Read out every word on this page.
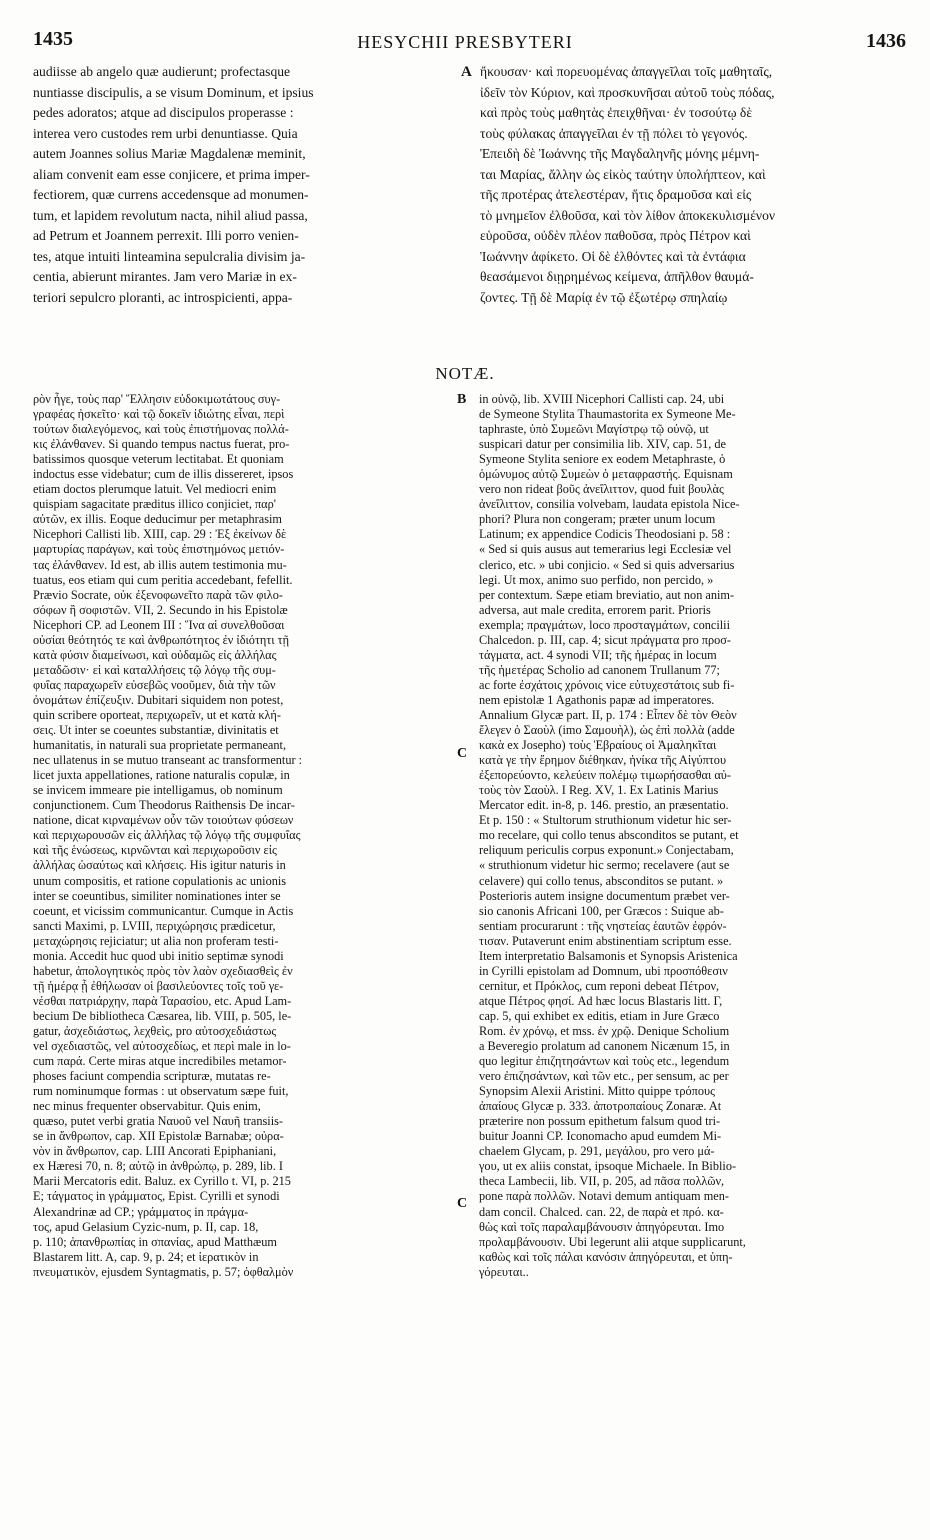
1435	HESYCHII PRESBYTERI	1436
audiisse ab angelo quæ audierunt; profectasque
nuntiasse discipulis, a se visum Dominum, et ipsius
pedes adoratos; atque ad discipulos properasse :
interea vero custodes rem urbi denuntiasse. Quia
autem Joannes solius Mariæ Magdalenæ meminit,
aliam convenit eam esse conjicere, et prima imper-
fectiorem, quæ currens accedensque ad monumen-
tum, et lapidem revolutum nacta, nihil aliud passa,
ad Petrum et Joannem perrexit. Illi porro venien-
tes, atque intuiti linteamina sepulcralia divisim ja-
centia, abierunt mirantes. Jam vero Mariæ in ex-
teriori sepulcro ploranti, ac introspicienti, appa-
A ἤκουσαν· καὶ πορευομένας ἀπαγγεῖλαι τοῖς μαθηταῖς,
ἰδεῖν τὸν Κύριον, καὶ προσκυνῆσαι αὐτοῦ τοὺς πόδας,
καὶ πρὸς τοὺς μαθητὰς ἐπειχθῆναι· ἐν τοσούτῳ δὲ
τοὺς φύλακας ἀπαγγεῖλαι ἐν τῇ πόλει τὸ γεγονός.
Ἐπειδὴ δὲ Ἰωάννης τῆς Μαγδαληνῆς μόνης μέμνη-
ται Μαρίας, ἄλλην ὡς εἰκὸς ταύτην ὑπολήπτεον, καὶ
τῆς προτέρας ἀτελεστέραν, ἥτις δραμοῦσα καὶ εἰς
τὸ μνημεῖον ἐλθοῦσα, καὶ τὸν λίθον ἀποκεκυλισμένον
εὑροῦσα, οὐδὲν πλέον παθοῦσα, πρὸς Πέτρον καὶ
Ἰωάννην ἀφίκετο. Οἱ δὲ ἐλθόντες καὶ τὰ ἐντάφια
θεασάμενοι διῃρημένως κείμενα, ἀπῆλθον θαυμά-
ζοντες. Τῇ δὲ Μαρίᾳ ἐν τῷ ἐξωτέρῳ σπηλαίῳ
NOTÆ.
ρὸν ἦγε, τοὺς παρ' Ἕλλησιν εὐδοκιμωτάτους συγ-
γραφέας ἠσκεῖτο· καὶ τῷ δοκεῖν ἰδιώτης εἶναι, περὶ
τούτων διαλεγόμενος, καὶ τοὺς ἐπιστήμονας πολλά-
κις ἐλάνθανεν. Si quando tempus nactus fuerat, pro-
batissimos quosque veterum lectitabat. Et quoniam
indoctus esse videbatur; cum de illis dissereret, ipsos
etiam doctos plerumque latuit. Vel mediocri enim
quispiam sagacitate præditus illico conjiciet, παρ'
αὐτῶν, ex illis. Eoque deducimur per metaphrasim
Nicephori Callisti lib. XIII, cap. 29 : Ἐξ ἐκείνων δὲ
μαρτυρίας παράγων, καὶ τοὺς ἐπιστημόνως μετιόν-
τας ἐλάνθανεν. Id est, ab illis autem testimonia mu-
tuatus, eos etiam qui cum peritia accedebant, fefellit.
Prævio Socrate, οὐκ ἐξενοφωνεῖτο παρὰ τῶν φιλο-
σόφων ἢ σοφιστῶν. VII, 2. Secundo in his Epistolæ
Nicephori CP. ad Leonem III : Ἵνα αἱ συνελθοῦσαι
οὐσίαι θεότητός τε καὶ ἀνθρωπότητος ἐν ἰδιότητι τῇ
κατὰ φύσιν διαμείνωσι, καὶ οὐδαμῶς εἰς ἀλλήλας
μεταδῶσιν· εἰ καὶ καταλλήσεις τῷ λόγῳ τῆς συμ-
φυΐας παραχωρεῖν εὐσεβῶς νοοῦμεν, διὰ τὴν τῶν
ὀνομάτων ἐπίζευξιν. Dubitari siquidem non potest,
quin scribere oporteat, περιχωρεῖν, ut et κατὰ κλή-
σεις. Ut inter se coeuntes substantiæ, divinitatis et
humanitatis, in naturali sua proprietate permaneant,
nec ullatenus in se mutuo transeant ac transformentur :
licet juxta appellationes, ratione naturalis copulæ, in
se invicem immeare pie intelligamus, ob nominum
conjunctionem. Cum Theodorus Raithensis De incar-
natione, dicat κιρναμένων οὖν τῶν τοιούτων φύσεων
καὶ περιχωρουσῶν εἰς ἀλλήλας τῷ λόγῳ τῆς συμφυΐας
καὶ τῆς ἑνώσεως, κιρνῶνται καὶ περιχωροῦσιν εἰς
ἀλλήλας ὡσαύτως καὶ κλήσεις. His igitur naturis in
unum compositis, et ratione copulationis ac unionis
inter se coeuntibus, similiter nominationes inter se
coeunt, et vicissim communicantur. Cumque in Actis
sancti Maximi, p. LVIII, περιχώρησις prædicetur,
μεταχώρησις rejiciatur; ut alia non proferam testi-
monia. Accedit huc quod ubi initio septimæ synodi
habetur, ἀπολογητικὸς πρὸς τὸν λαὸν σχεδιασθεὶς ἐν
τῇ ἡμέρᾳ ᾗ ἐθήλωσαν οἱ βασιλεύοντες τοῖς τοῦ γε-
νέσθαι πατριάρχην, παρὰ Ταρασίου, etc. Apud Lam-
becium De bibliotheca Cæsarea, lib. VIII, p. 505, le-
gatur, ἀσχεδιάστως, λεχθεὶς, pro αὐτοσχεδιάστως
vel σχεδιαστῶς, vel αὐτοσχεδίως, et περὶ male in lo-
cum παρά. Certe miras atque incredibiles metamor-
phoses faciunt compendia scripturæ, mutatas re-
rum nominumque formas : ut observatum sæpe fuit,
nec minus frequenter observabitur. Quis enim,
quæso, putet verbi gratia Ναυοῦ vel Ναυῆ transiis-
se in ἄνθρωπον, cap. XII Epistolæ Barnabæ; οὐρα-
νὸν in ἄνθρωπον, cap. LIII Ancorati Epiphaniani,
ex Hæresi 70, n. 8; αὐτῷ in ἀνθρώπῳ, p. 289, lib. I
Marii Mercatoris edit. Baluz. ex Cyrillo t. VI, p. 215
E; τάγματος in γράμματος, Epist. Cyrilli et synodi
Alexandrinæ ad CP.; γράμματος in πράγμα-
τος, apud Gelasium Cyzic-num, p. II, cap. 18,
p. 110; ἀπανθρωπίας in σπανίας, apud Matthæum
Blastarem litt. A, cap. 9, p. 24; et ἱερατικὸν in
πνευματικὸν, ejusdem Syntagmatis, p. 57; ὀφθαλμὸν
B
C
C
in οὐνῷ, lib. XVIII Nicephori Callisti cap. 24, ubi
de Symeone Stylita Thaumastorita ex Symeone Me-
taphraste, ὑπὸ Συμεῶνι Μαγίστρῳ τῷ οὐνῷ, ut
suspicari datur per consimilia lib. XIV, cap. 51, de
Symeone Stylita seniore ex eodem Metaphraste, ὁ
ὁμώνυμος αὐτῷ Συμεὼν ὁ μεταφραστής. Equisnam
vero non rideat βοῦς ἀνεΐλιττον, quod fuit βουλὰς
ἀνεΐλιττον, consilia volvebam, laudata epistola Nice-
phori? Plura non congeram; præter unum locum
Latinum; ex appendice Codicis Theodosiani p. 58 :
« Sed si quis ausus aut temerarius legi Ecclesiæ vel
clerico, etc. » ubi conjicio. « Sed si quis adversarius
legi. Ut mox, animo suo perfido, non percido, »
per contextum. Sæpe etiam breviatio, aut non anim-
adversa, aut male credita, errorem parit. Prioris
exempla; πραγμάτων, loco προσταγμάτων, concilii
Chalcedon. p. III, cap. 4; sicut πράγματα pro προσ-
τάγματα, act. 4 synodi VII; τῆς ἡμέρας in locum
τῆς ἡμετέρας Scholio ad canonem Trullanum 77;
ac forte ἐσχάτοις χρόνοις vice εὐτυχεστάτοις sub fi-
nem epistolæ 1 Agathonis papæ ad imperatores.
Annalium Glycæ part. II, p. 174 : Εἶπεν δὲ τὸν Θεὸν
ἔλεγεν ὁ Σαοὺλ (imo Σαμουὴλ), ὡς ἐπὶ πολλὰ (adde
κακὰ ex Josepho) τοὺς Ἑβραίους οἱ Ἀμαληκῖται
κατὰ γε τὴν ἔρημον διέθηκαν, ἡνίκα τῆς Αἰγύπτου
ἐξεπορεύοντο, κελεύειν πολέμῳ τιμωρήσασθαι αὐ-
τοὺς τὸν Σαοὺλ. I Reg. XV, 1. Ex Latinis Marius
Mercator edit. in-8, p. 146. prestio, an præsentatio.
Et p. 150 : « Stultorum struthionum videtur hic ser-
mo recelare, qui collo tenus absconditos se putant, et
reliquum periculis corpus exponunt.» Conjectabam,
« struthionum videtur hic sermo; recelavere (aut se
celavere) qui collo tenus, absconditos se putant. »
Posterioris autem insigne documentum præbet ver-
sio canonis Africani 100, per Græcos : Suique ab-
sentiam procurarunt : τῆς νηστείας ἑαυτῶν ἐφρόν-
τισαν. Putaverunt enim abstinentiam scriptum esse.
Item interpretatio Balsamonis et Synopsis Aristenica
in Cyrilli epistolam ad Domnum, ubi προσπόθεσιν
cernitur, et Πρόκλος, cum reponi debeat Πέτρον,
atque Πέτρος φησί. Ad hæc locus Blastaris litt. Γ,
cap. 5, qui exhibet ex editis, etiam in Jure Græco
Rom. ἐν χρόνῳ, et mss. ἐν χρῷ. Denique Scholium
a Beveregio prolatum ad canonem Nicænum 15, in
quo legitur ἐπιζητησάντων καὶ τοὺς etc., legendum
vero ἐπιζησάντων, καὶ τῶν etc., per sensum, ac per
Synopsim Alexii Aristini. Mitto quippe τρόπους
ἀπαίους Glycæ p. 333. ἀποτροπαίους Zonaræ. At
præterire non possum epithetum falsum quod tri-
buitur Joanni CP. Iconomacho apud eumdem Mi-
chaelem Glycam, p. 291, μεγάλου, pro vero μά-
γου, ut ex aliis constat, ipsoque Michaele. In Biblio-
theca Lambecii, lib. VII, p. 205, ad πᾶσα πολλῶν,
pone παρὰ πολλῶν. Notavi demum antiquam men-
dam concil. Chalced. can. 22, de παρὰ et πρό. κα-
θὼς καὶ τοῖς παραλαμβάνουσιν ἀπηγόρευται. Imo
προλαμβάνουσιν. Ubi legerunt alii atque supplicarunt,
καθὼς καὶ τοῖς πάλαι κανόσιν ἀπηγόρευται, et ὑπη-
γόρευται..
